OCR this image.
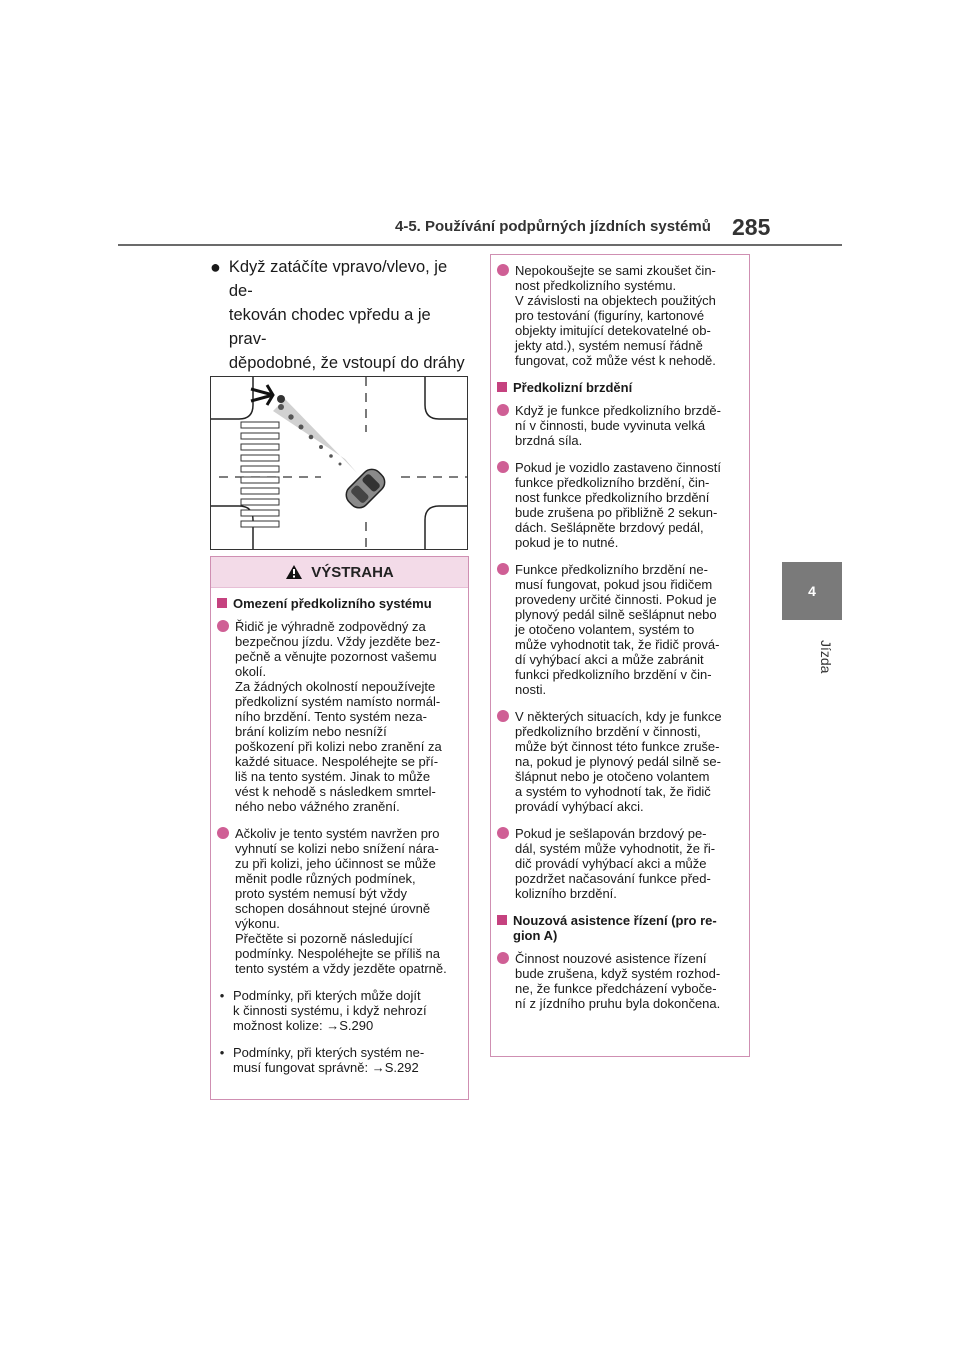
4-5. Používání podpůrných jízdních systémů 285
4
Jízda
● Když zatáčíte vpravo/vlevo, je de-
tekován chodec vpředu a je prav-
děpodobné, že vstoupí do dráhy

VÝSTRAHA
Omezení předkolizního systému
Řidič je výhradně zodpovědný za
bezpečnou jízdu. Vždy jezděte bez-
pečně a věnujte pozornost vašemu
okolí.
Za žádných okolností nepoužívejte
předkolizní systém namísto normál-
ního brzdění. Tento systém neza-
brání kolizím nebo nesníží
poškození při kolizi nebo zranění za
každé situace. Nespoléhejte se pří-
liš na tento systém. Jinak to může
vést k nehodě s následkem smrtel-
ného nebo vážného zranění.
Ačkoliv je tento systém navržen pro
vyhnutí se kolizi nebo snížení nára-
zu při kolizi, jeho účinnost se může
měnit podle různých podmínek,
proto systém nemusí být vždy
schopen dosáhnout stejné úrovně
výkonu.
Přečtěte si pozorně následující
podmínky. Nespoléhejte se příliš na
tento systém a vždy jezděte opatrně.
• Podmínky, při kterých může dojít
k činnosti systému, i když nehrozí
možnost kolize: →S.290
• Podmínky, při kterých systém ne-
musí fungovat správně: →S.292
Nepokoušejte se sami zkoušet čin-
nost předkolizního systému.
V závislosti na objektech použitých
pro testování (figuríny, kartonové
objekty imitující detekovatelné ob-
jekty atd.), systém nemusí řádně
fungovat, což může vést k nehodě.
Předkolizní brzdění
Když je funkce předkolizního brzdě-
ní v činnosti, bude vyvinuta velká
brzdná síla.
Pokud je vozidlo zastaveno činností
funkce předkolizního brzdění, čin-
nost funkce předkolizního brzdění
bude zrušena po přibližně 2 sekun-
dách. Sešlápněte brzdový pedál,
pokud je to nutné.
Funkce předkolizního brzdění ne-
musí fungovat, pokud jsou řidičem
provedeny určité činnosti. Pokud je
plynový pedál silně sešlápnut nebo
je otočeno volantem, systém to
může vyhodnotit tak, že řidič prová-
dí vyhýbací akci a může zabránit
funkci předkolizního brzdění v čin-
nosti.
V některých situacích, kdy je funkce
předkolizního brzdění v činnosti,
může být činnost této funkce zruše-
na, pokud je plynový pedál silně se-
šlápnut nebo je otočeno volantem
a systém to vyhodnotí tak, že řidič
provádí vyhýbací akci.
Pokud je sešlapován brzdový pe-
dál, systém může vyhodnotit, že ři-
dič provádí vyhýbací akci a může
pozdržet načasování funkce před-
kolizního brzdění.
Nouzová asistence řízení (pro re-
gion A)
Činnost nouzové asistence řízení
bude zrušena, když systém rozhod-
ne, že funkce předcházení vyboče-
ní z jízdního pruhu byla dokončena.
